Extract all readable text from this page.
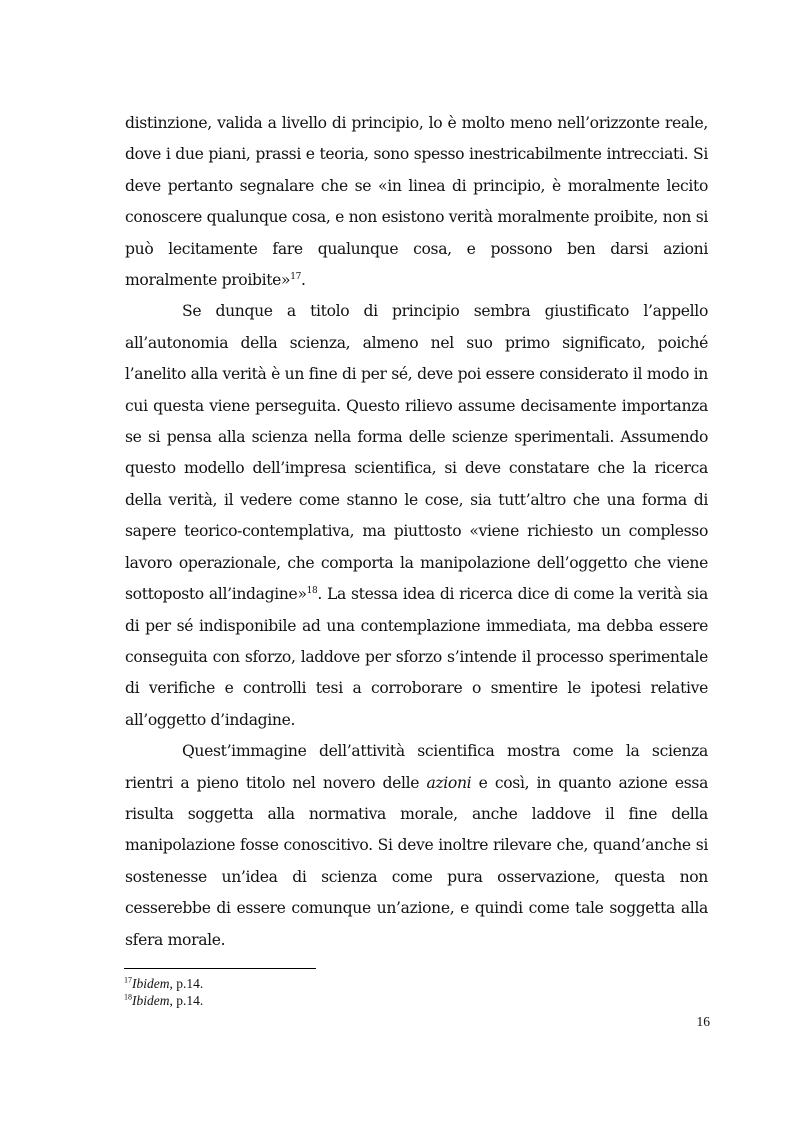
distinzione, valida a livello di principio, lo è molto meno nell’orizzonte reale, dove i due piani, prassi e teoria, sono spesso inestricabilmente intrecciati. Si deve pertanto segnalare che se «in linea di principio, è moralmente lecito conoscere qualunque cosa, e non esistono verità moralmente proibite, non si può lecitamente fare qualunque cosa, e possono ben darsi azioni moralmente proibite»$^{17}$.

Se dunque a titolo di principio sembra giustificato l’appello all’autonomia della scienza, almeno nel suo primo significato, poiché l’anelito alla verità è un fine di per sé, deve poi essere considerato il modo in cui questa viene perseguita. Questo rilievo assume decisamente importanza se si pensa alla scienza nella forma delle scienze sperimentali. Assumendo questo modello dell’impresa scientifica, si deve constatare che la ricerca della verità, il vedere come stanno le cose, sia tutt’altro che una forma di sapere teorico-contemplativa, ma piuttosto «viene richiesto un complesso lavoro operazionale, che comporta la manipolazione dell’oggetto che viene sottoposto all’indagine»$^{18}$. La stessa idea di ricerca dice di come la verità sia di per sé indisponibile ad una contemplazione immediata, ma debba essere conseguita con sforzo, laddove per sforzo s’intende il processo sperimentale di verifiche e controlli tesi a corroborare o smentire le ipotesi relative all’oggetto d’indagine.

Quest’immagine dell’attività scientifica mostra come la scienza rientri a pieno titolo nel novero delle azioni e così, in quanto azione essa risulta soggetta alla normativa morale, anche laddove il fine della manipolazione fosse conoscitivo. Si deve inoltre rilevare che, quand’anche si sostenesse un’idea di scienza come pura osservazione, questa non cesserebbe di essere comunque un’azione, e quindi come tale soggetta alla sfera morale.

$^{17}$Ibidem, p.14.
$^{18}$Ibidem, p.14.
16
